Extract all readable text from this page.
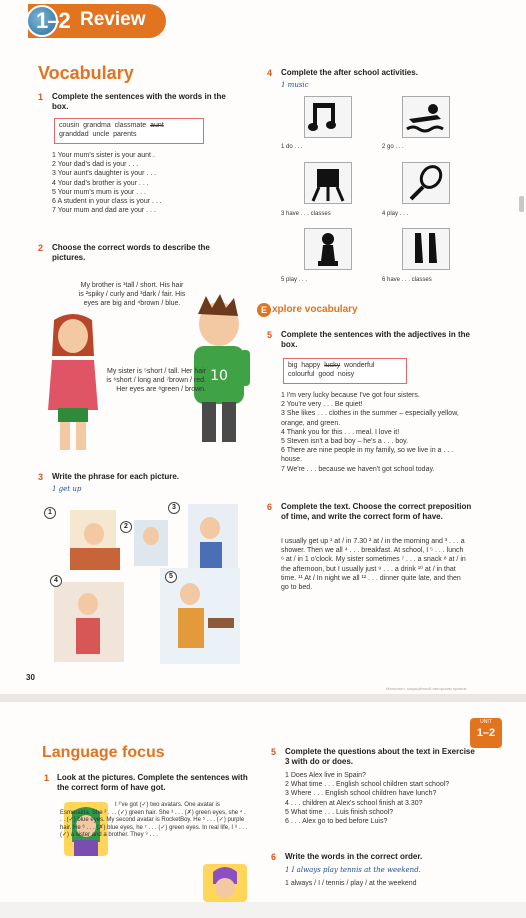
1–2 Review
Vocabulary
1 Complete the sentences with the words in the box.
cousin grandma classmate aunt
granddad uncle parents
1 Your mum's sister is your aunt .
2 Your dad's dad is your . . .
3 Your aunt's daughter is your . . .
4 Your dad's brother is your . . .
5 Your mum's mum is your . . .
6 A student in your class is your . . .
7 Your mum and dad are your . . .
2 Choose the correct words to describe the pictures.
My brother is ¹tall / short. His hair is ²spiky / curly and ³dark / fair. His eyes are big and ⁴brown / blue.
10
My sister is ⁵short / tall. Her hair is ⁶short / long and ⁷brown / red. Her eyes are ⁸green / brown.
3 Write the phrase for each picture.
1 get up
1
2
3
4
5
4 Complete the after school activities.
1 music
1 do . . .	2 go . . .
3 have . . . classes	4 play . . .
5 play . . .	6 have . . . classes
E xplore vocabulary
5 Complete the sentences with the adjectives in the box.
big happy lucky wonderful
colourful good noisy
1 I'm very lucky because I've got four sisters.
2 You're very . . . Be quiet!
3 She likes . . . clothes in the summer – especially yellow, orange, and green.
4 Thank you for this . . . meal. I love it!
5 Steven isn't a bad boy – he's a . . . boy.
6 There are nine people in my family, so we live in a . . . house.
7 We're . . . because we haven't got school today.
6 Complete the text. Choose the correct preposition of time, and write the correct form of have.
I usually get up ¹ at / in 7.30 ² at / in the morning and ³ . . . a shower. Then we all ⁴ . . . breakfast. At school, I ⁵ . . . lunch ⁶ at / in 1 o'clock. My sister sometimes ⁷ . . . a snack ⁸ at / in the afternoon, but I usually just ⁹ . . . a drink ¹⁰ at / in that time. ¹¹ At / In night we all ¹² . . . dinner quite late, and then go to bed.
30
Материал, защищённый авторским правом
UNIT
1–2
Language focus
1 Look at the pictures. Complete the sentences with the correct form of have got.
I ¹'ve got (✓) two avatars. One avatar is Esmeralda. She ² . . . (✓) green hair. She ³ . . . (✗) green eyes, she ⁴ . . . (✓) blue eyes. My second avatar is RocketBoy. He ⁵ . . . (✓) purple hair. He ⁶ . . . (✗) blue eyes, he ⁷ . . . (✓) green eyes. In real life, I ⁸ . . . (✓) a sister and a brother. They ⁹ . . .
5 Complete the questions about the text in Exercise 3 with do or does.
1 Does Alex live in Spain?
2 What time . . . English school children start school?
3 Where . . . English school children have lunch?
4 . . . children at Alex's school finish at 3.30?
5 What time . . . Luis finish school?
6 . . . Alex go to bed before Luis?
6 Write the words in the correct order.
1 I always play tennis at the weekend.
1 always / I / tennis / play / at the weekend
